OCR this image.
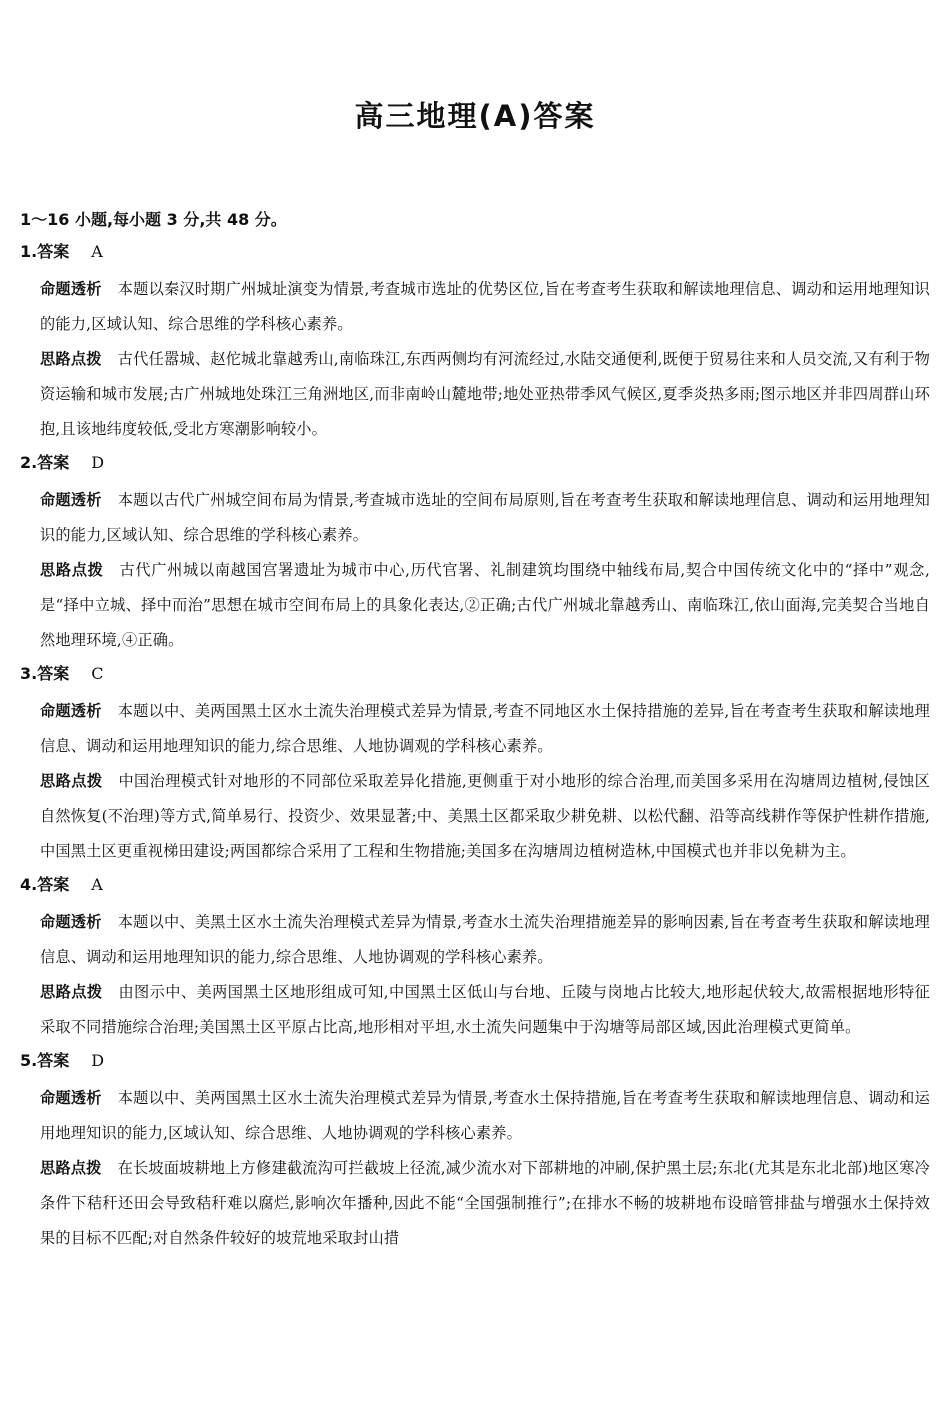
高三地理(A)答案
1～16 小题,每小题 3 分,共 48 分。
1.答案 A
命题透析 本题以秦汉时期广州城址演变为情景,考查城市选址的优势区位,旨在考查考生获取和解读地理信息、调动和运用地理知识的能力,区域认知、综合思维的学科核心素养。
思路点拨 古代任嚣城、赵佗城北靠越秀山,南临珠江,东西两侧均有河流经过,水陆交通便利,既便于贸易往来和人员交流,又有利于物资运输和城市发展;古广州城地处珠江三角洲地区,而非南岭山麓地带;地处亚热带季风气候区,夏季炎热多雨;图示地区并非四周群山环抱,且该地纬度较低,受北方寒潮影响较小。
2.答案 D
命题透析 本题以古代广州城空间布局为情景,考查城市选址的空间布局原则,旨在考查考生获取和解读地理信息、调动和运用地理知识的能力,区域认知、综合思维的学科核心素养。
思路点拨 古代广州城以南越国宫署遗址为城市中心,历代官署、礼制建筑均围绕中轴线布局,契合中国传统文化中的“择中”观念,是“择中立城、择中而治”思想在城市空间布局上的具象化表达,②正确;古代广州城北靠越秀山、南临珠江,依山面海,完美契合当地自然地理环境,④正确。
3.答案 C
命题透析 本题以中、美两国黑土区水土流失治理模式差异为情景,考查不同地区水土保持措施的差异,旨在考查考生获取和解读地理信息、调动和运用地理知识的能力,综合思维、人地协调观的学科核心素养。
思路点拨 中国治理模式针对地形的不同部位采取差异化措施,更侧重于对小地形的综合治理,而美国多采用在沟塘周边植树,侵蚀区自然恢复(不治理)等方式,简单易行、投资少、效果显著;中、美黑土区都采取少耕免耕、以松代翻、沿等高线耕作等保护性耕作措施,中国黑土区更重视梯田建设;两国都综合采用了工程和生物措施;美国多在沟塘周边植树造林,中国模式也并非以免耕为主。
4.答案 A
命题透析 本题以中、美黑土区水土流失治理模式差异为情景,考查水土流失治理措施差异的影响因素,旨在考查考生获取和解读地理信息、调动和运用地理知识的能力,综合思维、人地协调观的学科核心素养。
思路点拨 由图示中、美两国黑土区地形组成可知,中国黑土区低山与台地、丘陵与岗地占比较大,地形起伏较大,故需根据地形特征采取不同措施综合治理;美国黑土区平原占比高,地形相对平坦,水土流失问题集中于沟塘等局部区域,因此治理模式更简单。
5.答案 D
命题透析 本题以中、美两国黑土区水土流失治理模式差异为情景,考查水土保持措施,旨在考查考生获取和解读地理信息、调动和运用地理知识的能力,区域认知、综合思维、人地协调观的学科核心素养。
思路点拨 在长坡面坡耕地上方修建截流沟可拦截坡上径流,减少流水对下部耕地的冲刷,保护黑土层;东北(尤其是东北北部)地区寒冷条件下秸秆还田会导致秸秆难以腐烂,影响次年播种,因此不能“全国强制推行”;在排水不畅的坡耕地布设暗管排盐与增强水土保持效果的目标不匹配;对自然条件较好的坡荒地采取封山措
